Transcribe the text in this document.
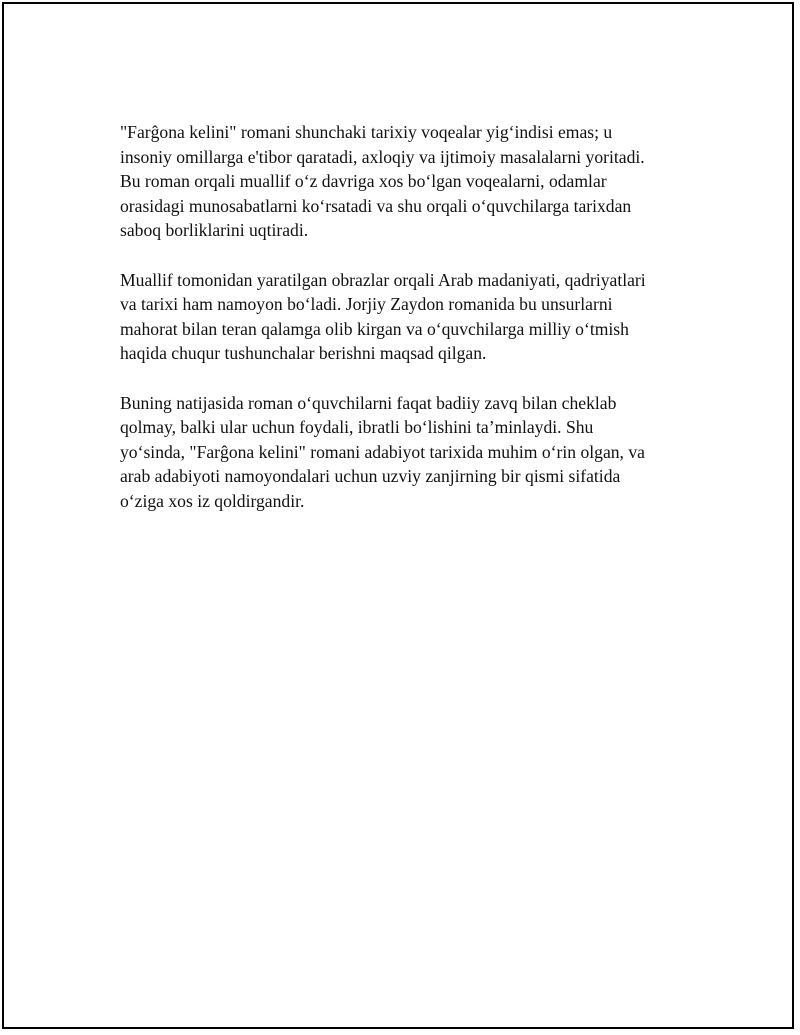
"Farĝona kelini" romani shunchaki tarixiy voqealar yig‘indisi emas; u
insoniy omillarga e'tibor qaratadi, axloqiy va ijtimoiy masalalarni yoritadi.
Bu roman orqali muallif o‘z davriga xos bo‘lgan voqealarni, odamlar
orasidagi munosabatlarni ko‘rsatadi va shu orqali o‘quvchilarga tarixdan
saboq borliklarini uqtiradi.

Muallif tomonidan yaratilgan obrazlar orqali Arab madaniyati, qadriyatlari
va tarixi ham namoyon bo‘ladi. Jorjiy Zaydon romanida bu unsurlarni
mahorat bilan teran qalamga olib kirgan va o‘quvchilarga milliy o‘tmish
haqida chuqur tushunchalar berishni maqsad qilgan.

Buning natijasida roman o‘quvchilarni faqat badiiy zavq bilan cheklab
qolmay, balki ular uchun foydali, ibratli bo‘lishini ta’minlaydi. Shu
yo‘sinda, "Farĝona kelini" romani adabiyot tarixida muhim o‘rin olgan, va
arab adabiyoti namoyondalari uchun uzviy zanjirning bir qismi sifatida
o‘ziga xos iz qoldirgandir.
